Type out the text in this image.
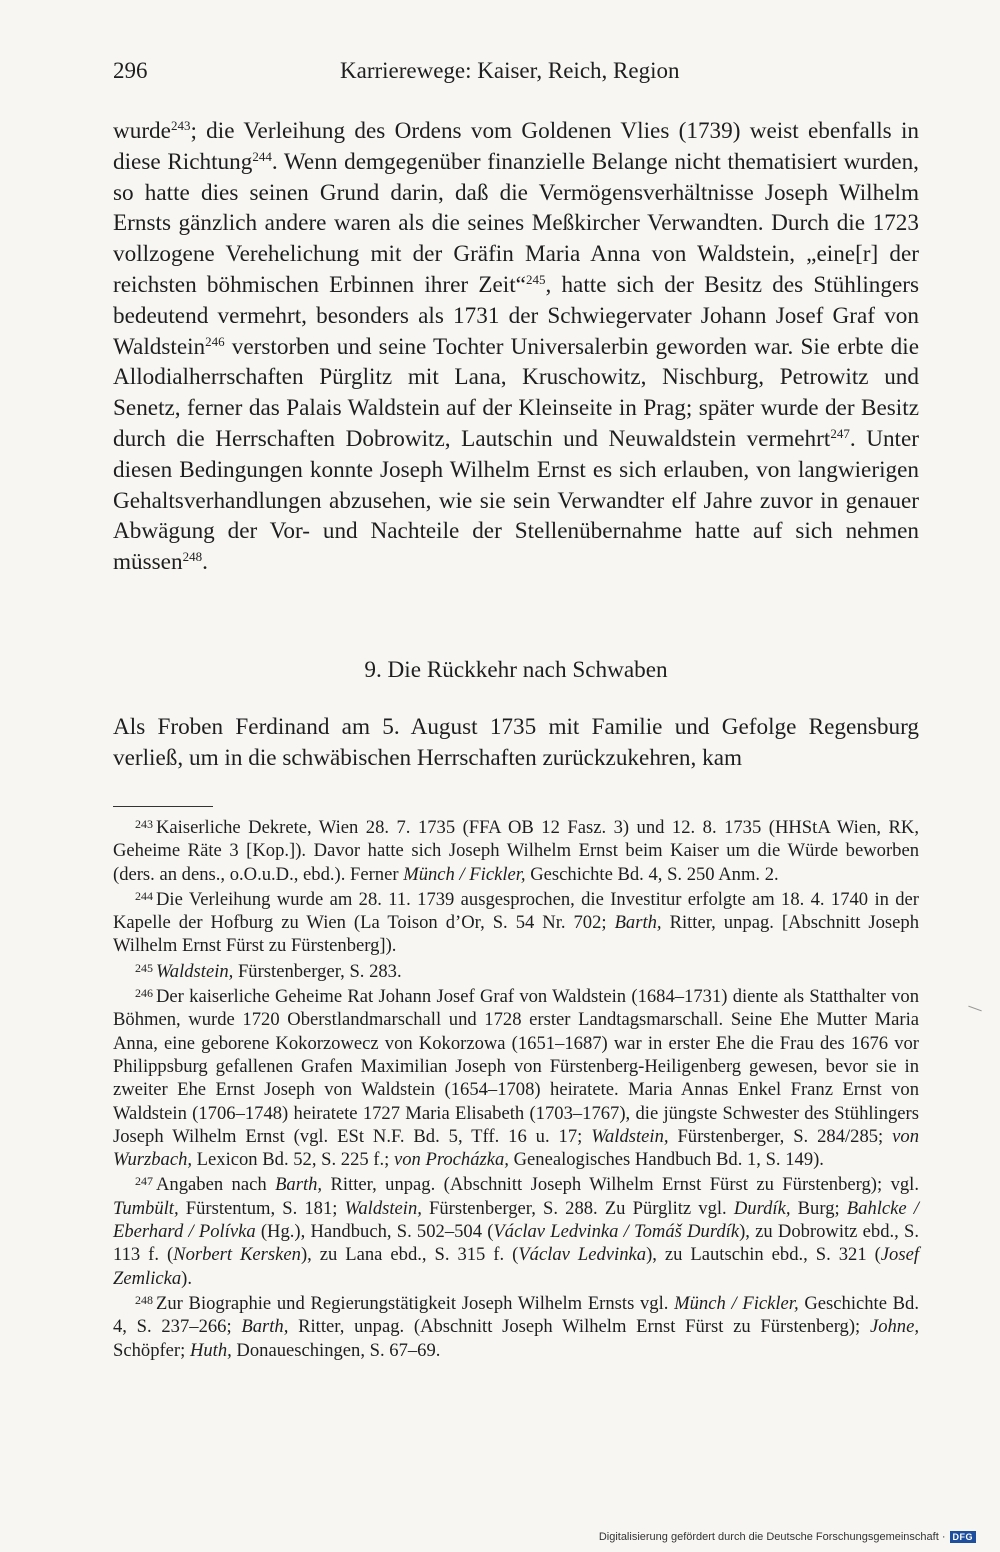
296	Karrierewege: Kaiser, Reich, Region

wurde$^{243}$; die Verleihung des Ordens vom Goldenen Vlies (1739) weist ebenfalls in diese Richtung$^{244}$. Wenn demgegenüber finanzielle Belange nicht thematisiert wurden, so hatte dies seinen Grund darin, daß die Vermögensverhältnisse Joseph Wilhelm Ernsts gänzlich andere waren als die seines Meßkircher Verwandten. Durch die 1723 vollzogene Verehelichung mit der Gräfin Maria Anna von Waldstein, „eine[r] der reichsten böhmischen Erbinnen ihrer Zeit“$^{245}$, hatte sich der Besitz des Stühlingers bedeutend vermehrt, besonders als 1731 der Schwiegervater Johann Josef Graf von Waldstein$^{246}$ verstorben und seine Tochter Universalerbin geworden war. Sie erbte die Allodialherrschaften Pürglitz mit Lana, Kruschowitz, Nischburg, Petrowitz und Senetz, ferner das Palais Waldstein auf der Kleinseite in Prag; später wurde der Besitz durch die Herrschaften Dobrowitz, Lautschin und Neuwaldstein vermehrt$^{247}$. Unter diesen Bedingungen konnte Joseph Wilhelm Ernst es sich erlauben, von langwierigen Gehaltsverhandlungen abzusehen, wie sie sein Verwandter elf Jahre zuvor in genauer Abwägung der Vor- und Nachteile der Stellenübernahme hatte auf sich nehmen müssen$^{248}$.

9. Die Rückkehr nach Schwaben
Als Froben Ferdinand am 5. August 1735 mit Familie und Gefolge Regensburg verließ, um in die schwäbischen Herrschaften zurückzukehren, kam

$^{243}$ Kaiserliche Dekrete, Wien 28. 7. 1735 (FFA OB 12 Fasz. 3) und 12. 8. 1735 (HHStA Wien, RK, Geheime Räte 3 [Kop.]). Davor hatte sich Joseph Wilhelm Ernst beim Kaiser um die Würde beworben (ders. an dens., o.O.u.D., ebd.). Ferner Münch / Fickler, Geschichte Bd. 4, S. 250 Anm. 2.

$^{244}$ Die Verleihung wurde am 28. 11. 1739 ausgesprochen, die Investitur erfolgte am 18. 4. 1740 in der Kapelle der Hofburg zu Wien (La Toison d’Or, S. 54 Nr. 702; Barth, Ritter, unpag. [Abschnitt Joseph Wilhelm Ernst Fürst zu Fürstenberg]).

$^{245}$ Waldstein, Fürstenberger, S. 283.

$^{246}$ Der kaiserliche Geheime Rat Johann Josef Graf von Waldstein (1684–1731) diente als Statthalter von Böhmen, wurde 1720 Oberstlandmarschall und 1728 erster Landtagsmarschall. Seine Ehe Mutter Maria Anna, eine geborene Kokorzowecz von Kokorzowa (1651–1687) war in erster Ehe die Frau des 1676 vor Philippsburg gefallenen Grafen Maximilian Joseph von Fürstenberg-Heiligenberg gewesen, bevor sie in zweiter Ehe Ernst Joseph von Waldstein (1654–1708) heiratete. Maria Annas Enkel Franz Ernst von Waldstein (1706–1748) heiratete 1727 Maria Elisabeth (1703–1767), die jüngste Schwester des Stühlingers Joseph Wilhelm Ernst (vgl. ESt N.F. Bd. 5, Tff. 16 u. 17; Waldstein, Fürstenberger, S. 284/285; von Wurzbach, Lexicon Bd. 52, S. 225 f.; von Procházka, Genealogisches Handbuch Bd. 1, S. 149).

$^{247}$ Angaben nach Barth, Ritter, unpag. (Abschnitt Joseph Wilhelm Ernst Fürst zu Fürstenberg); vgl. Tumbült, Fürstentum, S. 181; Waldstein, Fürstenberger, S. 288. Zu Pürglitz vgl. Durdík, Burg; Bahlcke / Eberhard / Polívka (Hg.), Handbuch, S. 502–504 (Václav Ledvinka / Tomáš Durdík), zu Dobrowitz ebd., S. 113 f. (Norbert Kersken), zu Lana ebd., S. 315 f. (Václav Ledvinka), zu Lautschin ebd., S. 321 (Josef Zemlicka).

$^{248}$ Zur Biographie und Regierungstätigkeit Joseph Wilhelm Ernsts vgl. Münch / Fickler, Geschichte Bd. 4, S. 237–266; Barth, Ritter, unpag. (Abschnitt Joseph Wilhelm Ernst Fürst zu Fürstenberg); Johne, Schöpfer; Huth, Donaueschingen, S. 67–69.

Digitalisierung gefördert durch die Deutsche Forschungsgemeinschaft · DFG
